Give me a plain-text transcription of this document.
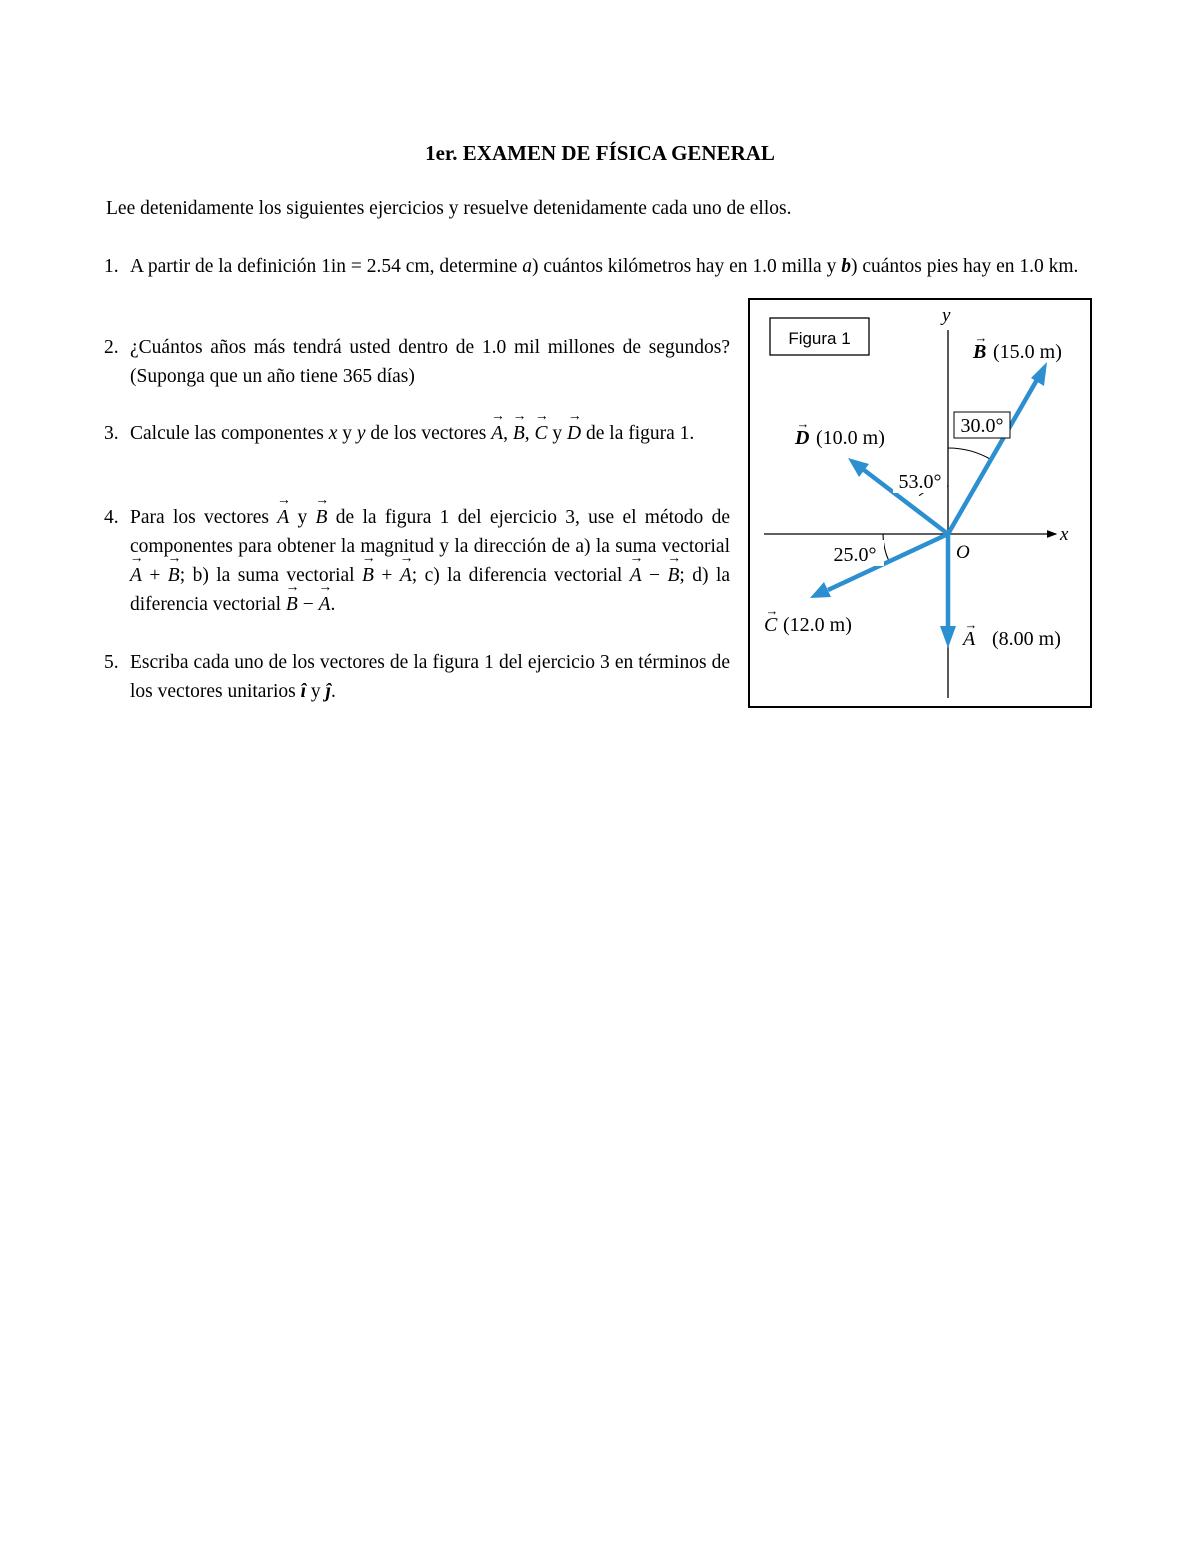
1er. EXAMEN DE FÍSICA GENERAL
Lee detenidamente los siguientes ejercicios y resuelve detenidamente cada uno de ellos.
1. A partir de la definición 1in = 2.54 cm, determine a) cuántos kilómetros hay en 1.0 milla y b) cuántos pies hay en 1.0 km.
2. ¿Cuántos años más tendrá usted dentro de 1.0 mil millones de segundos? (Suponga que un año tiene 365 días)
3. Calcule las componentes x y y de los vectores → A, → B, → C y → D de la figura 1.
4. Para los vectores → A y → B de la figura 1 del ejercicio 3, use el método de componentes para obtener la magnitud y la dirección de a) la suma vectorial → A + → B; b) la suma vectorial → B + → A; c) la diferencia vectorial → A − → B; d) la diferencia vectorial → B − → A.
5. Escriba cada uno de los vectores de la figura 1 del ejercicio 3 en términos de los vectores unitarios î y ĵ.
Figura 1
y
x
O
30.0°
53.0°
25.0°
B
→
(15.0 m)
D
→
(10.0 m)
C
→
(12.0 m)
A
→
(8.00 m)
